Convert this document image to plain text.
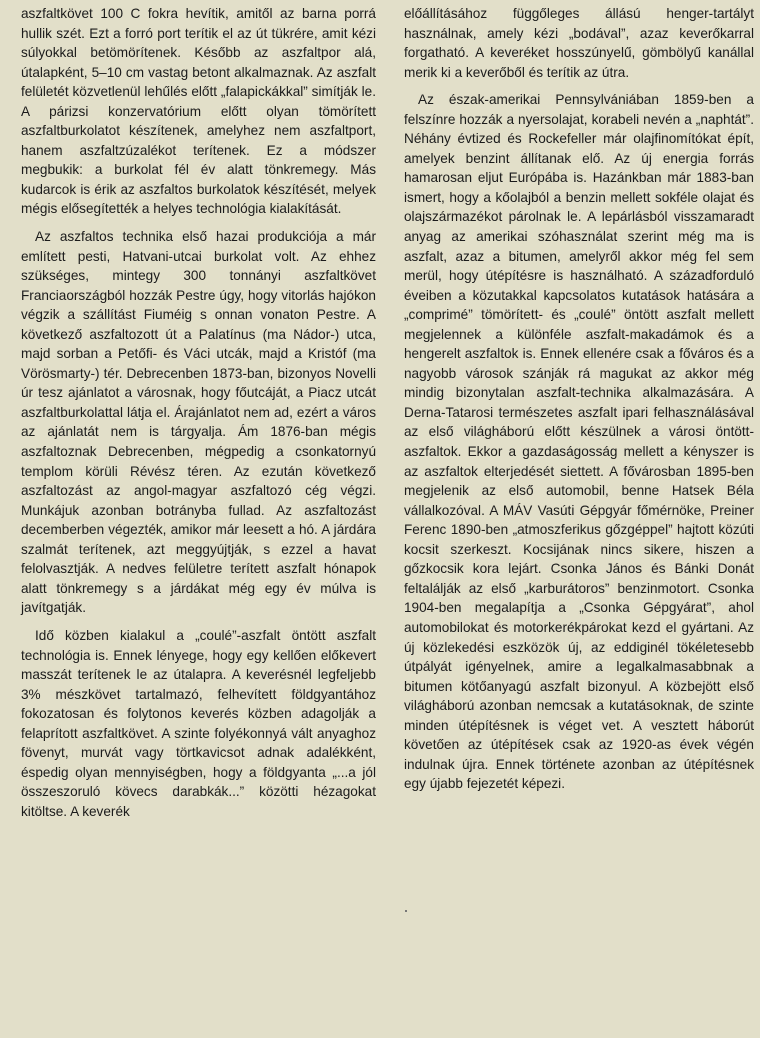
aszfaltkövet 100 C fokra hevítik, amitől az barna porrá hullik szét. Ezt a forró port terítik el az út tükrére, amit kézi súlyokkal betömörítenek. Később az aszfaltpor alá, útalapként, 5–10 cm vastag betont alkalmaznak. Az aszfalt felületét közvetlenül lehűlés előtt „falapickákkal” simítják le. A párizsi konzervatórium előtt olyan tömörített aszfaltburkolatot készítenek, amelyhez nem aszfaltport, hanem aszfaltzúzalékot terítenek. Ez a módszer megbukik: a burkolat fél év alatt tönkremegy. Más kudarcok is érik az aszfaltos burkolatok készítését, melyek mégis elősegítették a helyes technológia kialakítását.

Az aszfaltos technika első hazai produkciója a már említett pesti, Hatvani-utcai burkolat volt. Az ehhez szükséges, mintegy 300 tonnányi aszfaltkövet Franciaországból hozzák Pestre úgy, hogy vitorlás hajókon végzik a szállítást Fiuméig s onnan vonaton Pestre. A következő aszfaltozott út a Palatínus (ma Nádor-) utca, majd sorban a Petőfi- és Váci utcák, majd a Kristóf (ma Vörösmarty-) tér. Debrecenben 1873-ban, bizonyos Novelli úr tesz ajánlatot a városnak, hogy főutcáját, a Piacz utcát aszfaltburkolattal látja el. Árajánlatot nem ad, ezért a város az ajánlatát nem is tárgyalja. Ám 1876-ban mégis aszfaltoznak Debrecenben, mégpedig a csonkatornyú templom körüli Révész téren. Az ezután következő aszfaltozást az angol-magyar aszfaltozó cég végzi. Munkájuk azonban botrányba fullad. Az aszfaltozást decemberben végezték, amikor már leesett a hó. A járdára szalmát terítenek, azt meggyújtják, s ezzel a havat felolvasztják. A nedves felületre terített aszfalt hónapok alatt tönkremegy s a járdákat még egy év múlva is javítgatják.

Idő közben kialakul a „coulé”-aszfalt öntött aszfalt technológia is. Ennek lényege, hogy egy kellően előkevert masszát terítenek le az útalapra. A keverésnél legfeljebb 3% mészkövet tartalmazó, felhevített földgyantához fokozatosan és folytonos keverés közben adagolják a felaprított aszfaltkövet. A szinte folyékonnyá vált anyaghoz fövenyt, murvát vagy törtkavicsot adnak adalékként, éspedig olyan mennyiségben, hogy a földgyanta „...a jól összeszoruló kövecs darabkák...” közötti hézagokat kitöltse. A keverék

előállításához függőleges állású henger-tartályt használnak, amely kézi „bodával”, azaz keverőkarral forgatható. A keveréket hosszúnyelű, gömbölyű kanállal merik ki a keverőből és terítik az útra.

Az észak-amerikai Pennsylvániában 1859-ben a felszínre hozzák a nyersolajat, korabeli nevén a „naphtát”. Néhány évtized és Rockefeller már olajfinomítókat épít, amelyek benzint állítanak elő. Az új energia forrás hamarosan eljut Európába is. Hazánkban már 1883-ban ismert, hogy a kőolajból a benzin mellett sokféle olajat és olajszármazékot párolnak le. A lepárlásból visszamaradt anyag az amerikai szóhasználat szerint még ma is aszfalt, azaz a bitumen, amelyről akkor még fel sem merül, hogy útépítésre is használható. A századforduló éveiben a közutakkal kapcsolatos kutatások hatására a „comprimé” tömörített- és „coulé” öntött aszfalt mellett megjelennek a különféle aszfalt-makadámok és a hengerelt aszfaltok is. Ennek ellenére csak a főváros és a nagyobb városok szánják rá magukat az akkor még mindig bizonytalan aszfalt-technika alkalmazására. A Derna-Tatarosi természetes aszfalt ipari felhasználásával az első világháború előtt készülnek a városi öntött-aszfaltok. Ekkor a gazdaságosság mellett a kényszer is az aszfaltok elterjedését siettett. A fővárosban 1895-ben megjelenik az első automobil, benne Hatsek Béla vállalkozóval. A MÁV Vasúti Gépgyár főmérnöke, Preiner Ferenc 1890-ben „atmoszferikus gőzgéppel” hajtott közúti kocsit szerkeszt. Kocsijának nincs sikere, hiszen a gőzkocsik kora lejárt. Csonka János és Bánki Donát feltalálják az első „karburátoros” benzinmotort. Csonka 1904-ben megalapítja a „Csonka Gépgyárat”, ahol automobilokat és motorkerékpárokat kezd el gyártani. Az új közlekedési eszközök új, az eddiginél tökéletesebb útpályát igényelnek, amire a legalkalmasabbnak a bitumen kötőanyagú aszfalt bizonyul. A közbejött első világháború azonban nemcsak a kutatásoknak, de szinte minden útépítésnek is véget vet. A vesztett háborút követően az útépítések csak az 1920-as évek végén indulnak újra. Ennek története azonban az útépítésnek egy újabb fejezetét képezi.
